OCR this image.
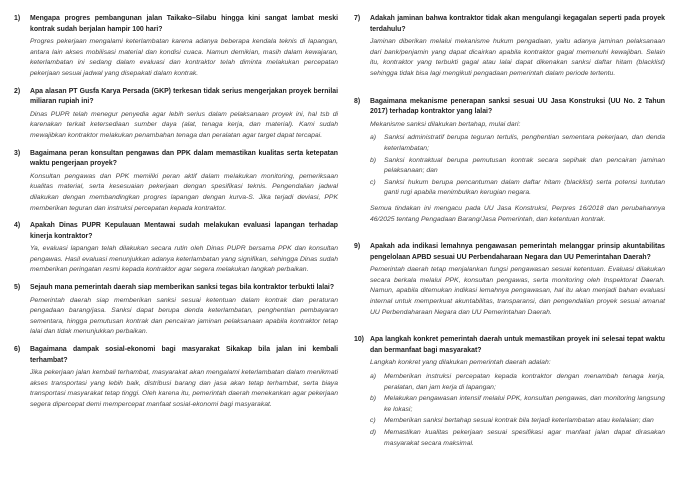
1)	Mengapa progres pembangunan jalan Taikako–Silabu hingga kini sangat lambat meski kontrak sudah berjalan hampir 100 hari?

Progres pekerjaan mengalami keterlambatan karena adanya beberapa kendala teknis di lapangan, antara lain akses mobilisasi material dan kondisi cuaca. Namun demikian, masih dalam kewajaran, keterlambatan ini sedang dalam evaluasi dan kontraktor telah diminta melakukan percepatan pekerjaan sesuai jadwal yang disepakati dalam kontrak.

2)	Apa alasan PT Gusfa Karya Persada (GKP) terkesan tidak serius mengerjakan proyek bernilai miliaran rupiah ini?

Dinas PUPR telah menegur penyedia agar lebih serius dalam pelaksanaan proyek ini, hal tsb di karenakan terkait ketersediaan sumber daya (alat, tenaga kerja, dan material). Kami sudah mewajibkan kontraktor melakukan penambahan tenaga dan peralatan agar target dapat tercapai.

3)	Bagaimana peran konsultan pengawas dan PPK dalam memastikan kualitas serta ketepatan waktu pengerjaan proyek?

Konsultan pengawas dan PPK memiliki peran aktif dalam melakukan monitoring, pemeriksaan kualitas material, serta kesesuaian pekerjaan dengan spesifikasi teknis. Pengendalian jadwal dilakukan dengan membandingkan progres lapangan dengan kurva-S. Jika terjadi deviasi, PPK memberikan teguran dan instruksi percepatan kepada kontraktor.

4)	Apakah Dinas PUPR Kepulauan Mentawai sudah melakukan evaluasi lapangan terhadap kinerja kontraktor?

Ya, evaluasi lapangan telah dilakukan secara rutin oleh Dinas PUPR bersama PPK dan konsultan pengawas. Hasil evaluasi menunjukkan adanya keterlambatan yang signifikan, sehingga Dinas sudah memberikan peringatan resmi kepada kontraktor agar segera melakukan langkah perbaikan.

5)	Sejauh mana pemerintah daerah siap memberikan sanksi tegas bila kontraktor terbukti lalai?

Pemerintah daerah siap memberikan sanksi sesuai ketentuan dalam kontrak dan peraturan pengadaan barang/jasa. Sanksi dapat berupa denda keterlambatan, penghentian pembayaran sementara, hingga pemutusan kontrak dan pencairan jaminan pelaksanaan apabila kontraktor tetap lalai dan tidak menunjukkan perbaikan.

6)	Bagaimana dampak sosial-ekonomi bagi masyarakat Sikakap bila jalan ini kembali terhambat?

Jika pekerjaan jalan kembali terhambat, masyarakat akan mengalami keterlambatan dalam menikmati akses transportasi yang lebih baik, distribusi barang dan jasa akan tetap terhambat, serta biaya transportasi masyarakat tetap tinggi. Oleh karena itu, pemerintah daerah menekankan agar pekerjaan segera dipercepat demi mempercepat manfaat sosial-ekonomi bagi masyarakat.

7)	Adakah jaminan bahwa kontraktor tidak akan mengulangi kegagalan seperti pada proyek terdahulu?

Jaminan diberikan melalui mekanisme hukum pengadaan, yaitu adanya jaminan pelaksanaan dari bank/penjamin yang dapat dicairkan apabila kontraktor gagal memenuhi kewajiban. Selain itu, kontraktor yang terbukti gagal atau lalai dapat dikenakan sanksi daftar hitam (blacklist) sehingga tidak bisa lagi mengikuti pengadaan pemerintah dalam periode tertentu.

8)	Bagaimana mekanisme penerapan sanksi sesuai UU Jasa Konstruksi (UU No. 2 Tahun 2017) terhadap kontraktor yang lalai?

Mekanisme sanksi dilakukan bertahap, mulai dari:

a)	Sanksi administratif berupa teguran tertulis, penghentian sementara pekerjaan, dan denda keterlambatan;
b)	Sanksi kontraktual berupa pemutusan kontrak secara sepihak dan pencairan jaminan pelaksanaan; dan
c)	Sanksi hukum berupa pencantuman dalam daftar hitam (blacklist) serta potensi tuntutan ganti rugi apabila menimbulkan kerugian negara.

Semua tindakan ini mengacu pada UU Jasa Konstruksi, Perpres 16/2018 dan perubahannya 46/2025 tentang Pengadaan Barang/Jasa Pemerintah, dan ketentuan kontrak.

9)	Apakah ada indikasi lemahnya pengawasan pemerintah melanggar prinsip akuntabilitas pengelolaan APBD sesuai UU Perbendaharaan Negara dan UU Pemerintahan Daerah?

Pemerintah daerah tetap menjalankan fungsi pengawasan sesuai ketentuan. Evaluasi dilakukan secara berkala melalui PPK, konsultan pengawas, serta monitoring oleh Inspektorat Daerah. Namun, apabila ditemukan indikasi lemahnya pengawasan, hal itu akan menjadi bahan evaluasi internal untuk memperkuat akuntabilitas, transparansi, dan pengendalian proyek sesuai amanat UU Perbendaharaan Negara dan UU Pemerintahan Daerah.

10) Apa langkah konkret pemerintah daerah untuk memastikan proyek ini selesai tepat waktu dan bermanfaat bagi masyarakat?

Langkah konkret yang dilakukan pemerintah daerah adalah:

a)	Memberikan instruksi percepatan kepada kontraktor dengan menambah tenaga kerja, peralatan, dan jam kerja di lapangan;
b)	Melakukan pengawasan intensif melalui PPK, konsultan pengawas, dan monitoring langsung ke lokasi;
c)	Memberikan sanksi bertahap sesuai kontrak bila terjadi keterlambatan atau kelalaian; dan
d)	Memastikan kualitas pekerjaan sesuai spesifikasi agar manfaat jalan dapat dirasakan masyarakat secara maksimal.
